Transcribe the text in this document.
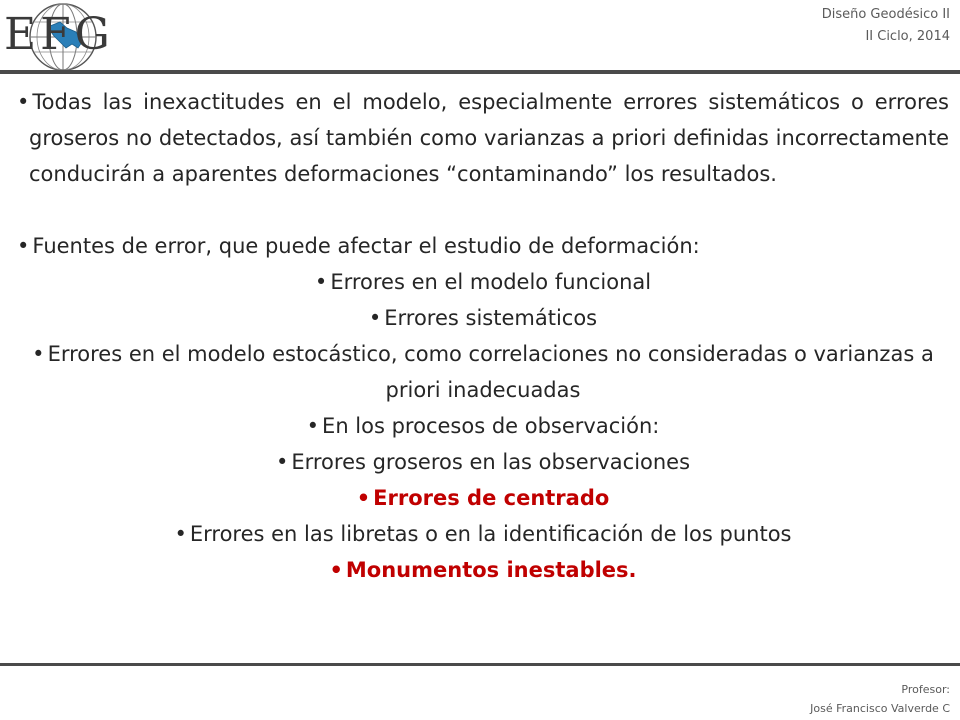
EFG	Diseño Geodésico II
II Ciclo, 2014

• Todas las inexactitudes en el modelo, especialmente errores sistemáticos o errores groseros no detectados, así también como varianzas a priori definidas incorrectamente conducirán a aparentes deformaciones “contaminando” los resultados.

• Fuentes de error, que puede afectar el estudio de deformación:

• Errores en el modelo funcional

• Errores sistemáticos

• Errores en el modelo estocástico, como correlaciones no consideradas o varianzas a priori inadecuadas

• En los procesos de observación:

• Errores groseros en las observaciones

• Errores de centrado

• Errores en las libretas o en la identificación de los puntos

• Monumentos inestables.

Profesor:
José Francisco Valverde C
